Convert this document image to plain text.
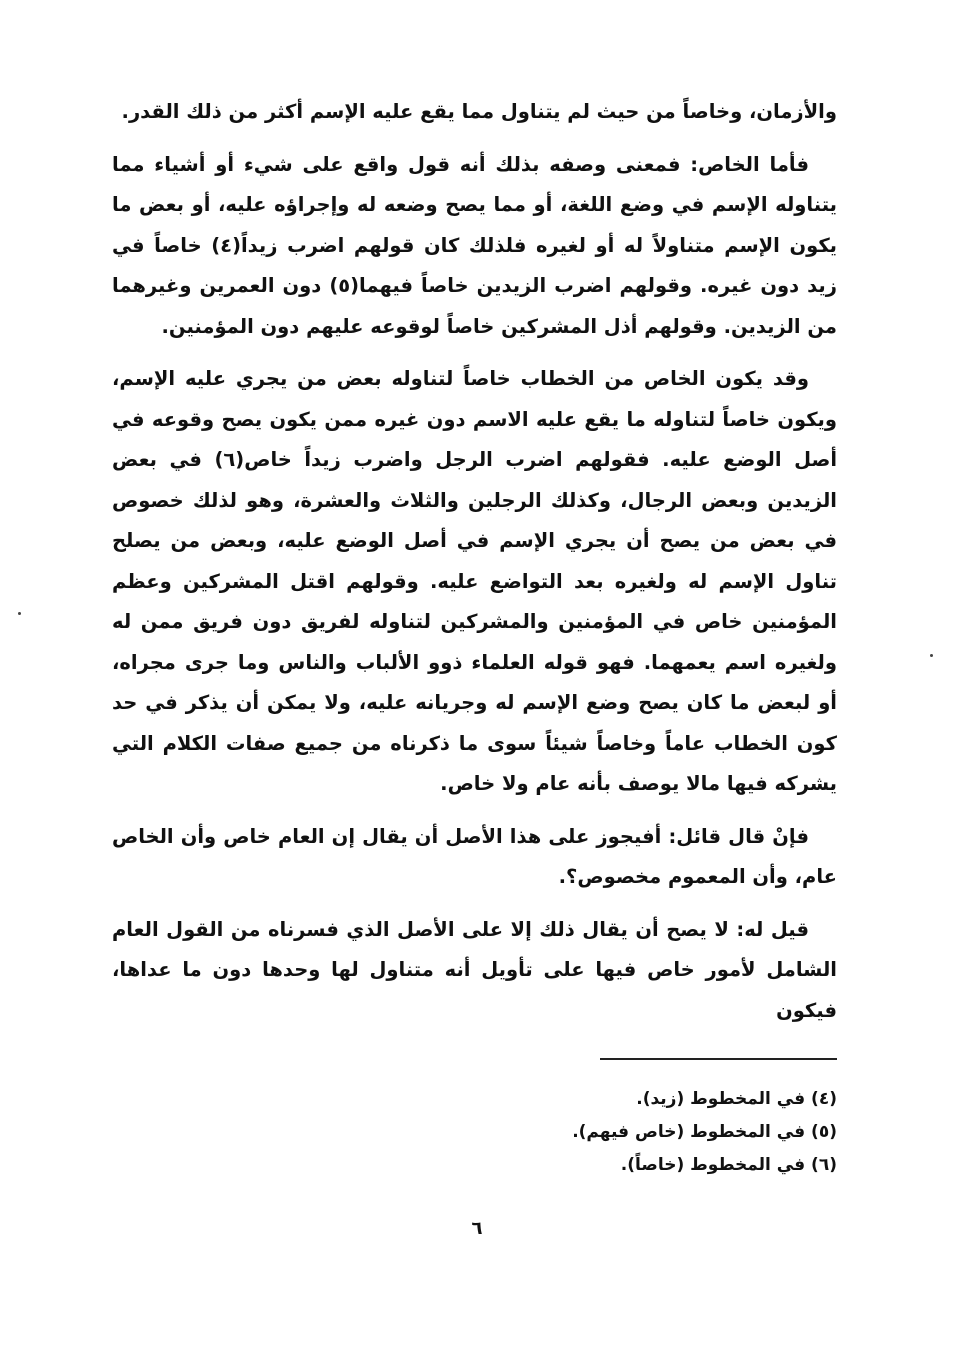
والأزمان، وخاصاً من حيث لم يتناول مما يقع عليه الإسم أكثر من ذلك القدر.

فأما الخاص: فمعنى وصفه بذلك أنه قول واقع على شيء أو أشياء مما يتناوله الإسم في وضع اللغة، أو مما يصح وضعه له وإجراؤه عليه، أو بعض ما يكون الإسم متناولاً له أو لغيره فلذلك كان قولهم اضرب زيداً(٤) خاصاً في زيد دون غيره. وقولهم اضرب الزيدين خاصاً فيهما(٥) دون العمرين وغيرهما من الزيدين. وقولهم أذل المشركين خاصاً لوقوعه عليهم دون المؤمنين.

وقد يكون الخاص من الخطاب خاصاً لتناوله بعض من يجري عليه الإسم، ويكون خاصاً لتناوله ما يقع عليه الاسم دون غيره ممن يكون يصح وقوعه في أصل الوضع عليه. فقولهم اضرب الرجل واضرب زيداً خاص(٦) في بعض الزيدين وبعض الرجال، وكذلك الرجلين والثلاث والعشرة، وهو لذلك خصوص في بعض من يصح أن يجري الإسم في أصل الوضع عليه، وبعض من يصلح تناول الإسم له ولغيره بعد التواضع عليه. وقولهم اقتل المشركين وعظم المؤمنين خاص في المؤمنين والمشركين لتناوله لفريق دون فريق ممن له ولغيره اسم يعمهما. فهو قوله العلماء ذوو الألباب والناس وما جرى مجراه، أو لبعض ما كان يصح وضع الإسم له وجريانه عليه، ولا يمكن أن يذكر في حد كون الخطاب عاماً وخاصاً شيئاً سوى ما ذكرناه من جميع صفات الكلام التي يشركه فيها مالا يوصف بأنه عام ولا خاص.

فإنْ قال قائل: أفيجوز على هذا الأصل أن يقال إن العام خاص وأن الخاص عام، وأن المعموم مخصوص؟.

قيل له: لا يصح أن يقال ذلك إلا على الأصل الذي فسرناه من القول العام الشامل لأمور خاص فيها على تأويل أنه متناول لها وحدها دون ما عداها، فيكون

(٤) في المخطوط (زيد).
(٥) في المخطوط (خاص فيهم).
(٦) في المخطوط (خاصاً).
٦
